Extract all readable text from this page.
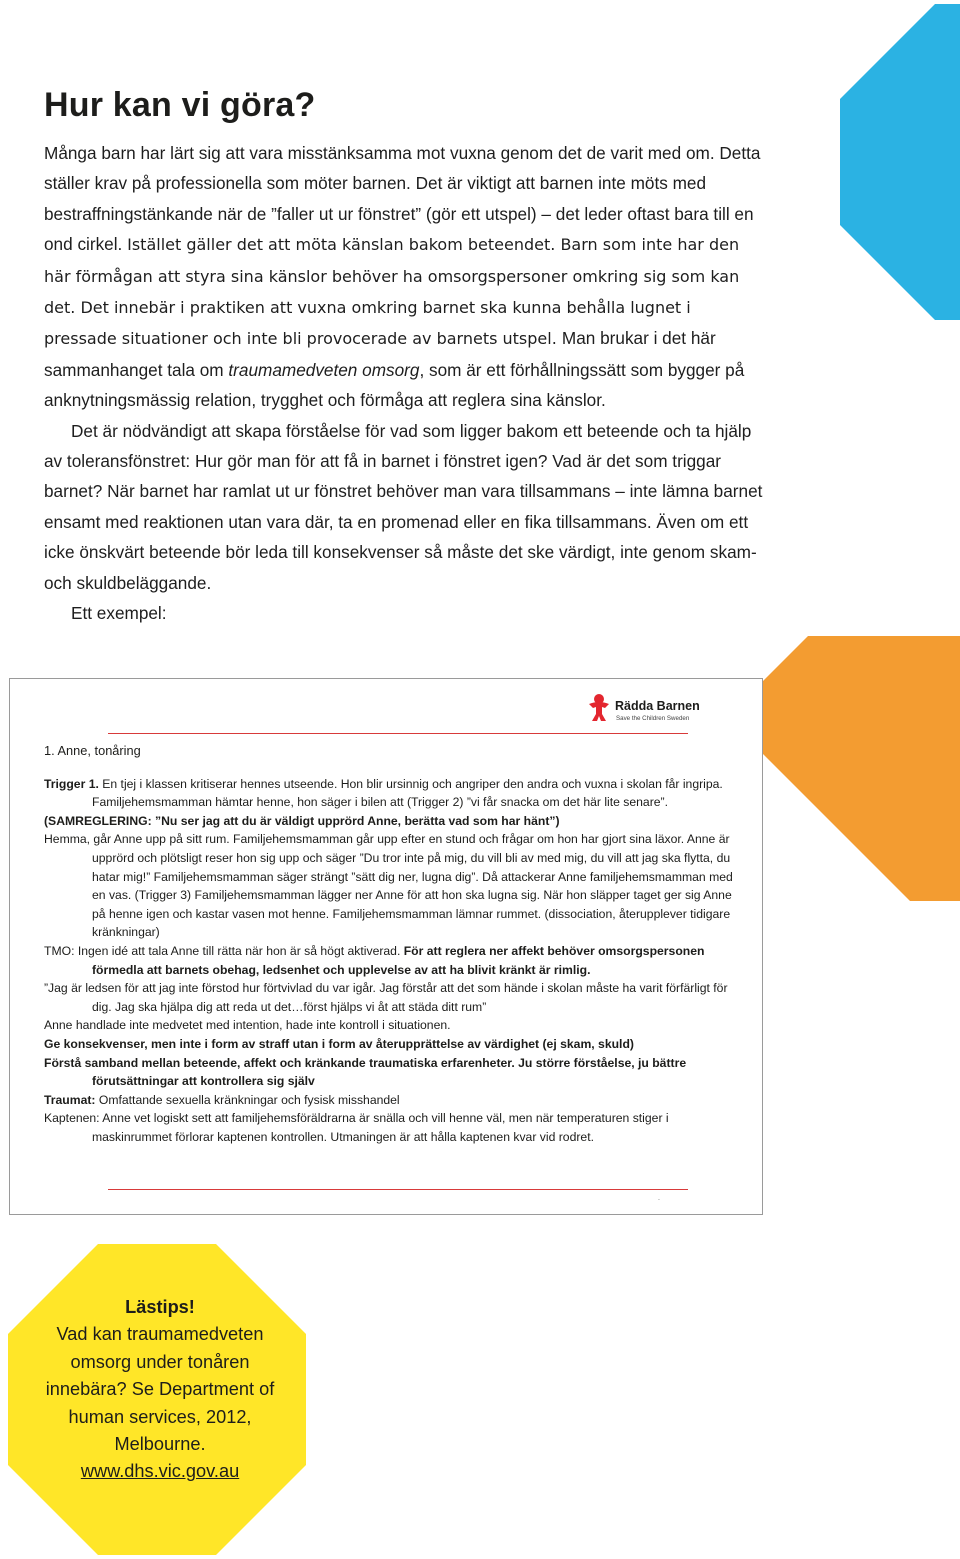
Hur kan vi göra?

Många barn har lärt sig att vara misstänksamma mot vuxna genom det de varit med om. Detta ställer krav på professionella som möter barnen. Det är viktigt att barnen inte möts med bestraffningstänkande när de ”faller ut ur fönstret” (gör ett utspel) – det leder oftast bara till en ond cirkel. Istället gäller det att möta känslan bakom beteendet. Barn som inte har den här förmågan att styra sina känslor behöver ha omsorgspersoner omkring sig som kan det. Det innebär i praktiken att vuxna omkring barnet ska kunna behålla lugnet i pressade situationer och inte bli provocerade av barnets utspel. Man brukar i det här sammanhanget tala om traumamedveten omsorg, som är ett förhållningssätt som bygger på anknytningsmässig relation, trygghet och förmåga att reglera sina känslor.

Det är nödvändigt att skapa förståelse för vad som ligger bakom ett beteende och ta hjälp av toleransfönstret: Hur gör man för att få in barnet i fönstret igen? Vad är det som triggar barnet? När barnet har ramlat ut ur fönstret behöver man vara tillsammans – inte lämna barnet ensamt med reaktionen utan vara där, ta en promenad eller en fika tillsammans. Även om ett icke önskvärt beteende bör leda till konsekvenser så måste det ske värdigt, inte genom skam- och skuldbeläggande.

Ett exempel:

Rädda Barnen
Save the Children Sweden
1. Anne, tonåring

Trigger 1. En tjej i klassen kritiserar hennes utseende. Hon blir ursinnig och angriper den andra och vuxna i skolan får ingripa. Familjehemsmamman hämtar henne, hon säger i bilen att (Trigger 2) ”vi får snacka om det här lite senare”.

(SAMREGLERING: ”Nu ser jag att du är väldigt upprörd Anne, berätta vad som har hänt”)

Hemma, går Anne upp på sitt rum. Familjehemsmamman går upp efter en stund och frågar om hon har gjort sina läxor. Anne är upprörd och plötsligt reser hon sig upp och säger ”Du tror inte på mig, du vill bli av med mig, du vill att jag ska flytta, du hatar mig!” Familjehemsmamman säger strängt ”sätt dig ner, lugna dig”. Då attackerar Anne familjehemsmamman med en vas. (Trigger 3) Familjehemsmamman lägger ner Anne för att hon ska lugna sig. När hon släpper taget ger sig Anne på henne igen och kastar vasen mot henne. Familjehemsmamman lämnar rummet. (dissociation, återupplever tidigare kränkningar)

TMO: Ingen idé att tala Anne till rätta när hon är så högt aktiverad. För att reglera ner affekt behöver omsorgspersonen förmedla att barnets obehag, ledsenhet och upplevelse av att ha blivit kränkt är rimlig.

”Jag är ledsen för att jag inte förstod hur förtvivlad du var igår. Jag förstår att det som hände i skolan måste ha varit förfärligt för dig. Jag ska hjälpa dig att reda ut det…först hjälps vi åt att städa ditt rum”

Anne handlade inte medvetet med intention, hade inte kontroll i situationen.

Ge konsekvenser, men inte i form av straff utan i form av återupprättelse av värdighet (ej skam, skuld)

Förstå samband mellan beteende, affekt och kränkande traumatiska erfarenheter. Ju större förståelse, ju bättre förutsättningar att kontrollera sig själv

Traumat: Omfattande sexuella kränkningar och fysisk misshandel

Kaptenen: Anne vet logiskt sett att familjehemsföräldrarna är snälla och vill henne väl, men när temperaturen stiger i maskinrummet förlorar kaptenen kontrollen. Utmaningen är att hålla kaptenen kvar vid rodret.

.

Lästips!

Vad kan traumamedveten omsorg under tonåren innebära? Se Department of human services, 2012, Melbourne.

www.dhs.vic.gov.au
